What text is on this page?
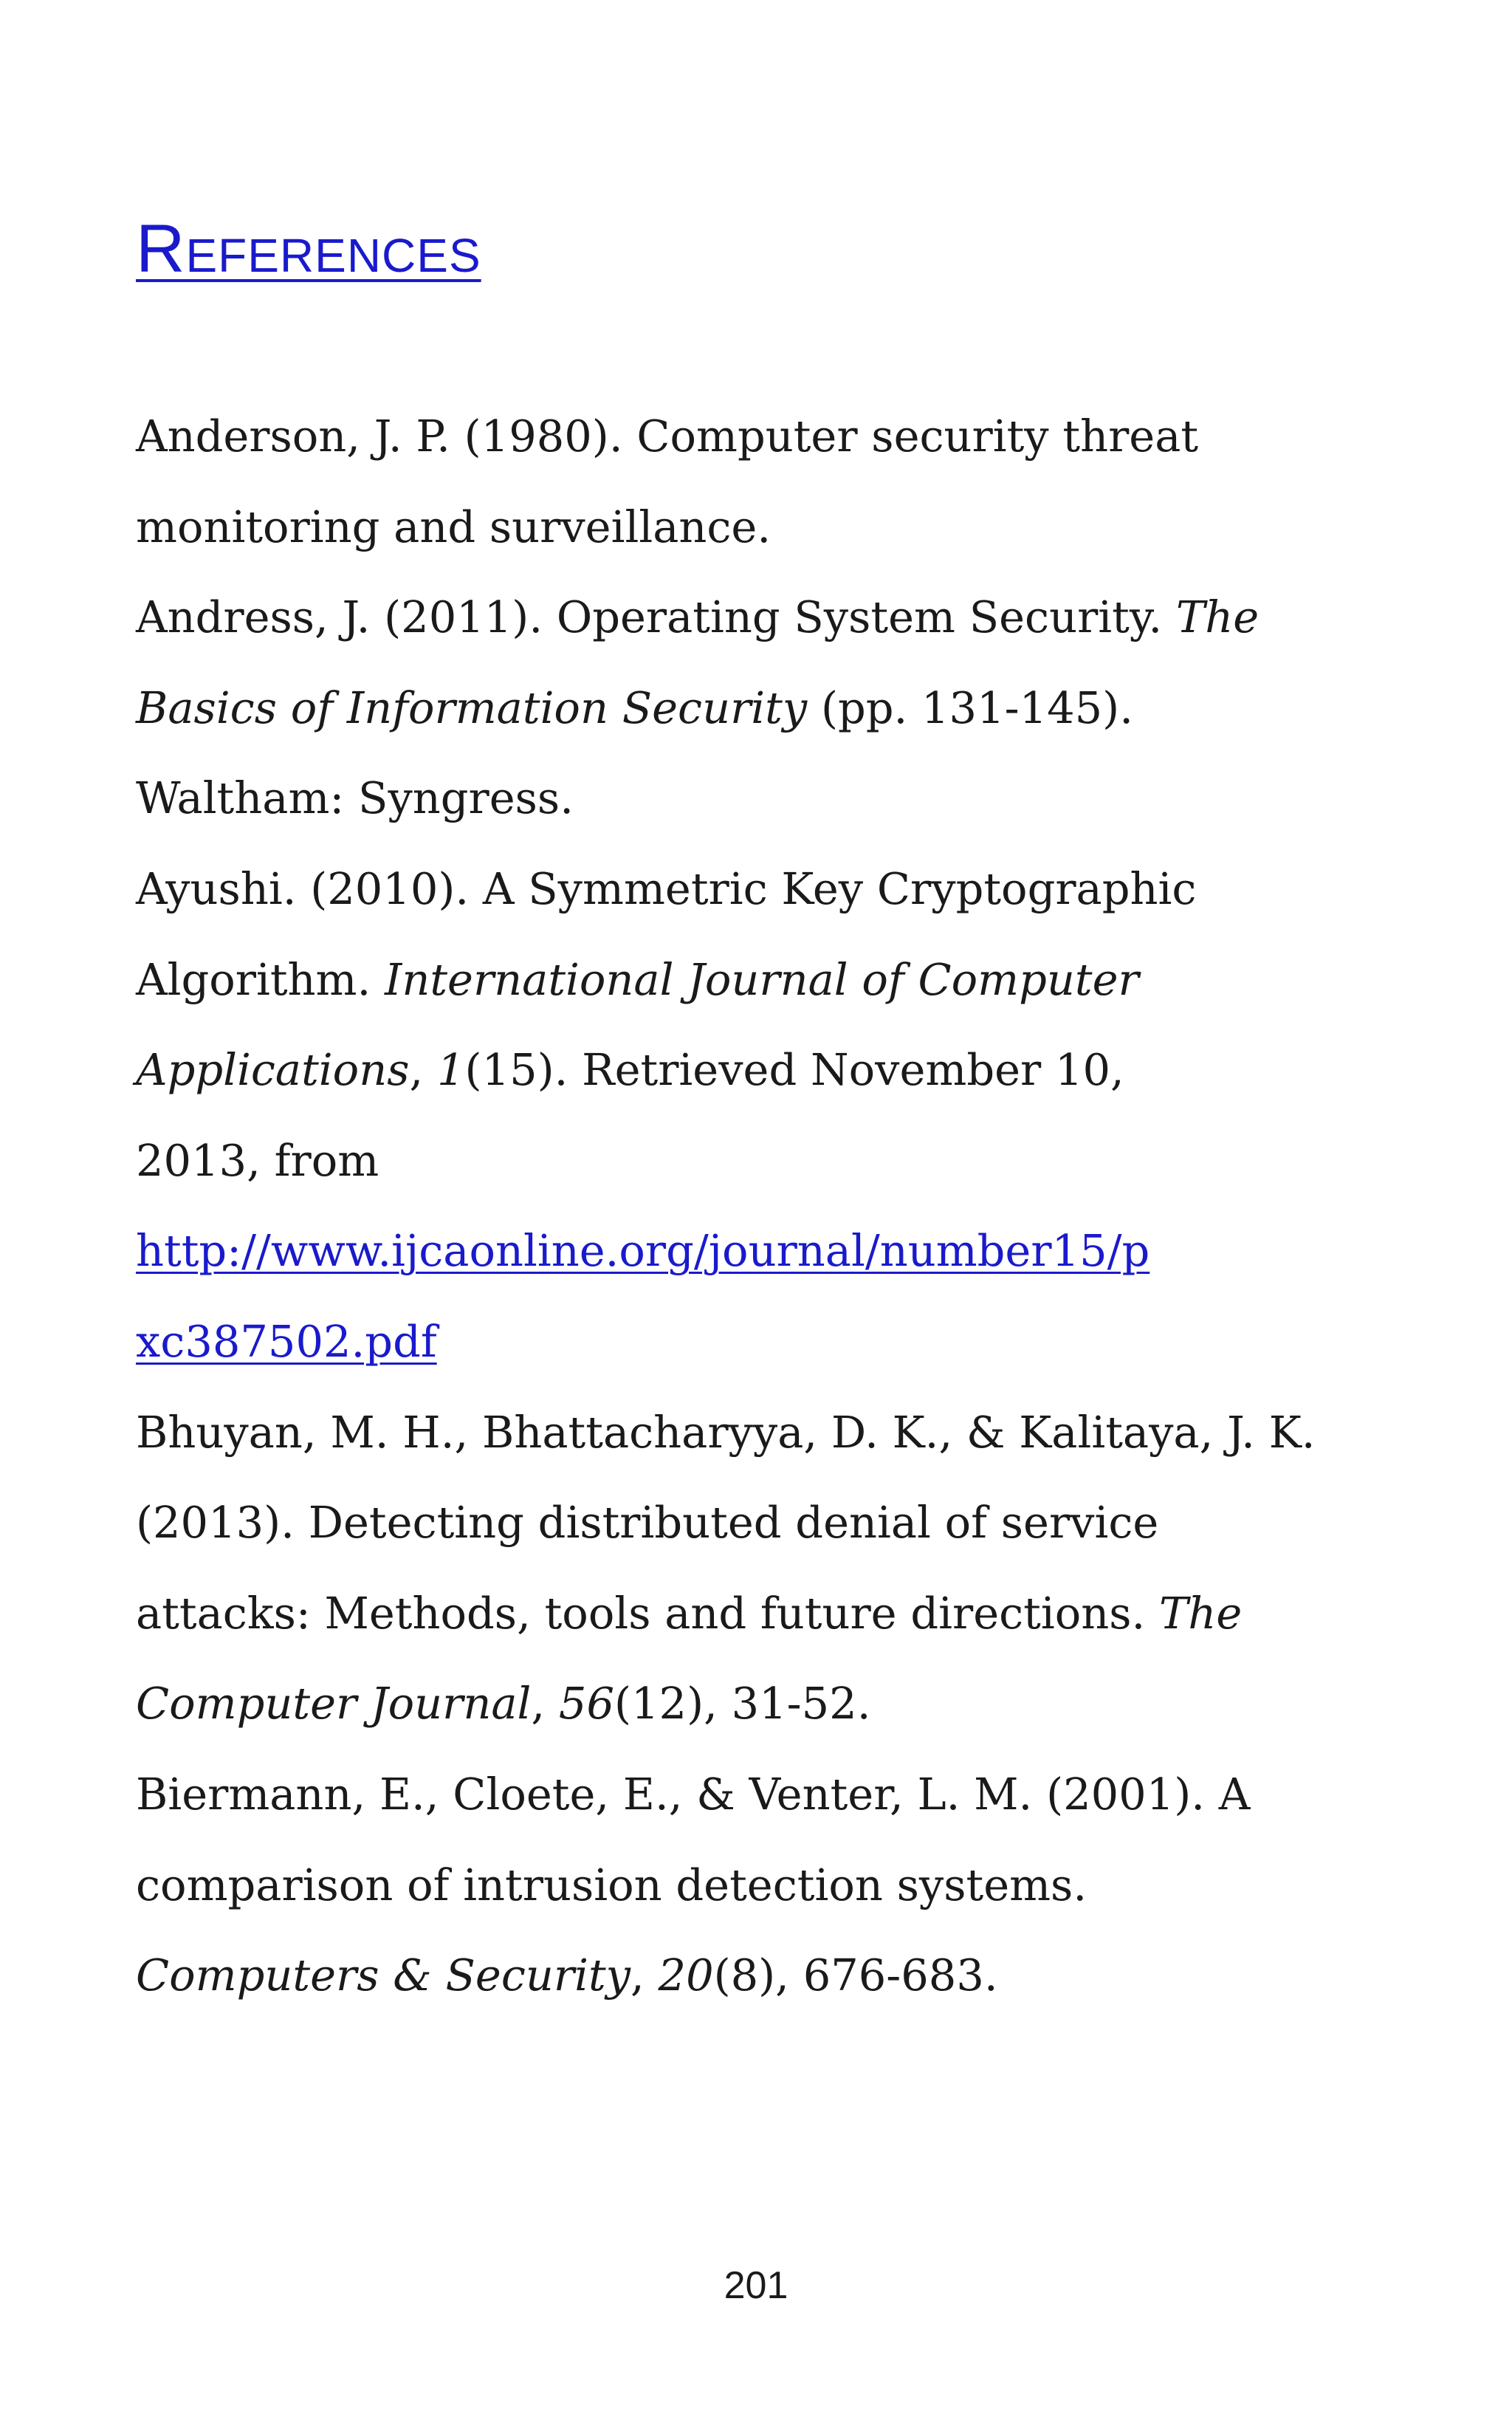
References
Anderson, J. P. (1980). Computer security threat
monitoring and surveillance.
Andress, J. (2011). Operating System Security. The
Basics of Information Security (pp. 131-145).
Waltham: Syngress.
Ayushi. (2010). A Symmetric Key Cryptographic
Algorithm. International Journal of Computer
Applications, 1(15). Retrieved November 10,
2013, from
http://www.ijcaonline.org/journal/number15/p
xc387502.pdf
Bhuyan, M. H., Bhattacharyya, D. K., & Kalitaya, J. K.
(2013). Detecting distributed denial of service
attacks: Methods, tools and future directions. The
Computer Journal, 56(12), 31-52.
Biermann, E., Cloete, E., & Venter, L. M. (2001). A
comparison of intrusion detection systems.
Computers & Security, 20(8), 676-683.
201
